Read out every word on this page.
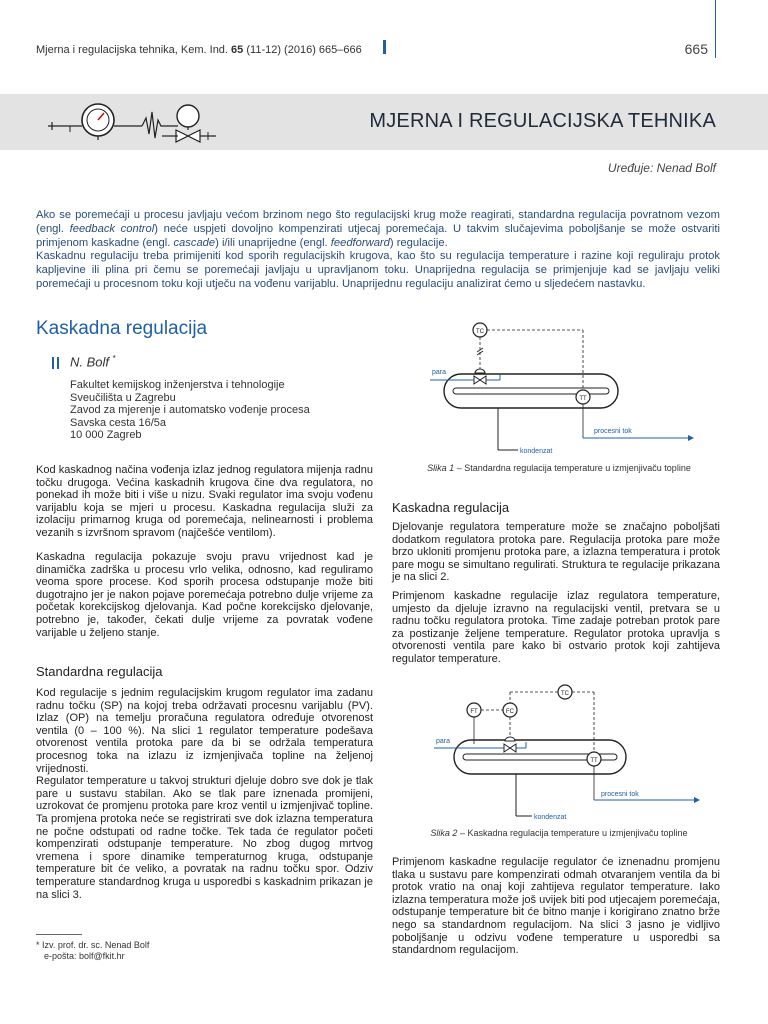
Mjerna i regulacijska tehnika, Kem. Ind. 65 (11-12) (2016) 665–666	665
MJERNA I REGULACIJSKA TEHNIKA
Uređuje: Nenad Bolf

Ako se poremećaji u procesu javljaju većom brzinom nego što regulacijski krug može reagirati, standardna regulacija povratnom vezom (engl. feedback control) neće uspjeti dovoljno kompenzirati utjecaj poremećaja. U takvim slučajevima poboljšanje se može ostvariti primjenom kaskadne (engl. cascade) i/ili unaprijedne (engl. feedforward) regulacije.

Kaskadnu regulaciju treba primijeniti kod sporih regulacijskih krugova, kao što su regulacija temperature i razine koji reguliraju protok kapljevine ili plina pri čemu se poremećaji javljaju u upravljanom toku. Unaprijedna regulacija se primjenjuje kad se javljaju veliki poremećaji u procesnom toku koji utječu na vođenu varijablu. Unaprijednu regulaciju analizirat ćemo u sljedećem nastavku.

Kaskadna regulacija
N. Bolf *
Fakultet kemijskog inženjerstva i tehnologije
Sveučilišta u Zagrebu
Zavod za mjerenje i automatsko vođenje procesa
Savska cesta 16/5a
10 000 Zagreb

Kod kaskadnog načina vođenja izlaz jednog regulatora mijenja radnu točku drugoga. Većina kaskadnih krugova čine dva regulatora, no ponekad ih može biti i više u nizu. Svaki regulator ima svoju vođenu varijablu koja se mjeri u procesu. Kaskadna regulacija služi za izolaciju primarnog kruga od poremećaja, nelinearnosti i problema vezanih s izvršnom spravom (najčešće ventilom).

Kaskadna regulacija pokazuje svoju pravu vrijednost kad je dinamička zadrška u procesu vrlo velika, odnosno, kad reguliramo veoma spore procese. Kod sporih procesa odstupanje može biti dugotrajno jer je nakon pojave poremećaja potrebno dulje vrijeme za početak korekcijskog djelovanja. Kad počne korekcijsko djelovanje, potrebno je, također, čekati dulje vrijeme za povratak vođene varijable u željeno stanje.

Standardna regulacija

Kod regulacije s jednim regulacijskim krugom regulator ima zadanu radnu točku (SP) na kojoj treba održavati procesnu varijablu (PV). Izlaz (OP) na temelju proračuna regulatora određuje otvorenost ventila (0 – 100 %). Na slici 1 regulator temperature podešava otvorenost ventila protoka pare da bi se održala temperatura procesnog toka na izlazu iz izmjenjivača topline na željenoj vrijednosti.

Regulator temperature u takvoj strukturi djeluje dobro sve dok je tlak pare u sustavu stabilan. Ako se tlak pare iznenada promijeni, uzrokovat će promjenu protoka pare kroz ventil u izmjenjivač topline. Ta promjena protoka neće se registrirati sve dok izlazna temperatura ne počne odstupati od radne točke. Tek tada će regulator početi kompenzirati odstupanje temperature. No zbog dugog mrtvog vremena i spore dinamike temperaturnog kruga, odstupanje temperature bit će veliko, a povratak na radnu točku spor. Odziv temperature standardnog kruga u usporedbi s kaskadnim prikazan je na slici 3.

* Izv. prof. dr. sc. Nenad Bolf
e-pošta: bolf@fkit.hr
TC
para
TT
procesni tok
kondenzat
Slika 1 – Standardna regulacija temperature u izmjenjivaču topline
Kaskadna regulacija

Djelovanje regulatora temperature može se značajno poboljšati dodatkom regulatora protoka pare. Regulacija protoka pare može brzo ukloniti promjenu protoka pare, a izlazna temperatura i protok pare mogu se simultano regulirati. Struktura te regulacije prikazana je na slici 2.

Primjenom kaskadne regulacije izlaz regulatora temperature, umjesto da djeluje izravno na regulacijski ventil, pretvara se u radnu točku regulatora protoka. Time zadaje potreban protok pare za postizanje željene temperature. Regulator protoka upravlja s otvorenosti ventila pare kako bi ostvario protok koji zahtijeva regulator temperature.

TC
FT	FC
para
TT
procesni tok
kondenzat
Slika 2 – Kaskadna regulacija temperature u izmjenjivaču topline

Primjenom kaskadne regulacije regulator će iznenadnu promjenu tlaka u sustavu pare kompenzirati odmah otvaranjem ventila da bi protok vratio na onaj koji zahtijeva regulator temperature. Iako izlazna temperatura može još uvijek biti pod utjecajem poremećaja, odstupanje temperature bit će bitno manje i korigirano znatno brže nego sa standardnom regulacijom. Na slici 3 jasno je vidljivo poboljšanje u odzivu vođene temperature u usporedbi sa standardnom regulacijom.
